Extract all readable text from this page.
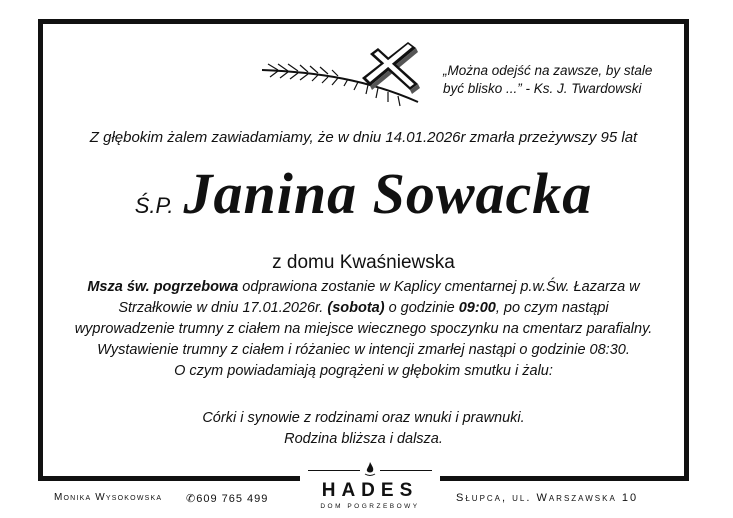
„Można odejść na zawsze, by stale
być blisko ...” - Ks. J. Twardowski
Z głębokim żalem zawiadamiamy, że w dniu 14.01.2026r zmarła przeżywszy 95 lat
Ś.P. Janina Sowacka
z domu Kwaśniewska
Msza św. pogrzebowa odprawiona zostanie w Kaplicy cmentarnej p.w.Św. Łazarza w Strzałkowie w dniu 17.01.2026r. (sobota) o godzinie 09:00, po czym nastąpi wyprowadzenie trumny z ciałem na miejsce wiecznego spoczynku na cmentarz parafialny. Wystawienie trumny z ciałem i różaniec w intencji zmarłej nastąpi o godzinie 08:30.
O czym powiadamiają pogrążeni w głębokim smutku i żalu:
Córki i synowie z rodzinami oraz wnuki i prawnuki.
Rodzina bliższa i dalsza.
Monika Wysokowska ✆609 765 499	HADES
DOM POGRZEBOWY
Słupca, ul. Warszawska 10
